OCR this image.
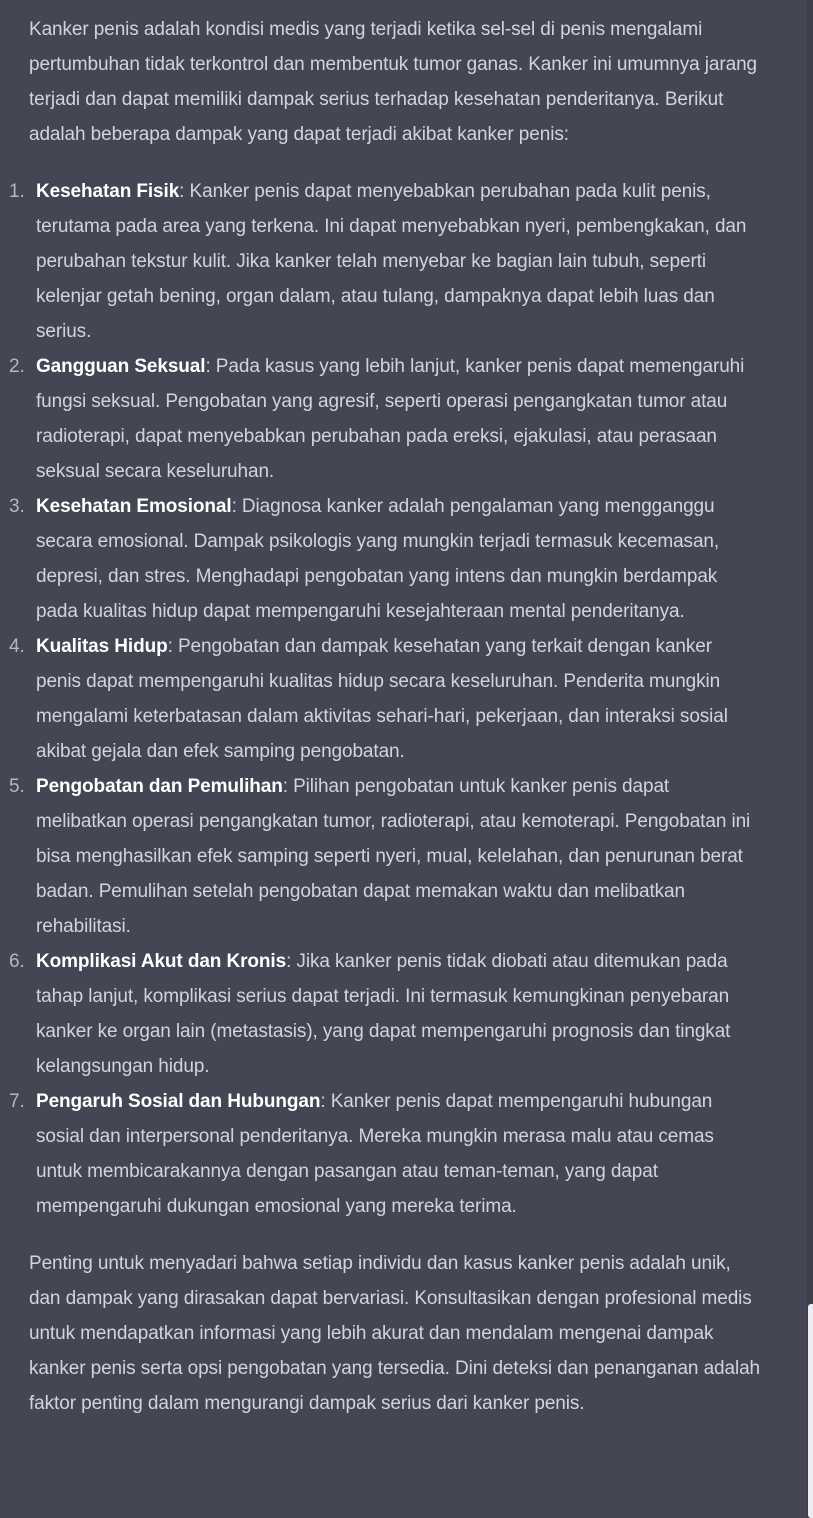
Kanker penis adalah kondisi medis yang terjadi ketika sel-sel di penis mengalami pertumbuhan tidak terkontrol dan membentuk tumor ganas. Kanker ini umumnya jarang terjadi dan dapat memiliki dampak serius terhadap kesehatan penderitanya. Berikut adalah beberapa dampak yang dapat terjadi akibat kanker penis:

1. Kesehatan Fisik: Kanker penis dapat menyebabkan perubahan pada kulit penis, terutama pada area yang terkena. Ini dapat menyebabkan nyeri, pembengkakan, dan perubahan tekstur kulit. Jika kanker telah menyebar ke bagian lain tubuh, seperti kelenjar getah bening, organ dalam, atau tulang, dampaknya dapat lebih luas dan serius.
2. Gangguan Seksual: Pada kasus yang lebih lanjut, kanker penis dapat memengaruhi fungsi seksual. Pengobatan yang agresif, seperti operasi pengangkatan tumor atau radioterapi, dapat menyebabkan perubahan pada ereksi, ejakulasi, atau perasaan seksual secara keseluruhan.
3. Kesehatan Emosional: Diagnosa kanker adalah pengalaman yang mengganggu secara emosional. Dampak psikologis yang mungkin terjadi termasuk kecemasan, depresi, dan stres. Menghadapi pengobatan yang intens dan mungkin berdampak pada kualitas hidup dapat mempengaruhi kesejahteraan mental penderitanya.
4. Kualitas Hidup: Pengobatan dan dampak kesehatan yang terkait dengan kanker penis dapat mempengaruhi kualitas hidup secara keseluruhan. Penderita mungkin mengalami keterbatasan dalam aktivitas sehari-hari, pekerjaan, dan interaksi sosial akibat gejala dan efek samping pengobatan.
5. Pengobatan dan Pemulihan: Pilihan pengobatan untuk kanker penis dapat melibatkan operasi pengangkatan tumor, radioterapi, atau kemoterapi. Pengobatan ini bisa menghasilkan efek samping seperti nyeri, mual, kelelahan, dan penurunan berat badan. Pemulihan setelah pengobatan dapat memakan waktu dan melibatkan rehabilitasi.
6. Komplikasi Akut dan Kronis: Jika kanker penis tidak diobati atau ditemukan pada tahap lanjut, komplikasi serius dapat terjadi. Ini termasuk kemungkinan penyebaran kanker ke organ lain (metastasis), yang dapat mempengaruhi prognosis dan tingkat kelangsungan hidup.
7. Pengaruh Sosial dan Hubungan: Kanker penis dapat mempengaruhi hubungan sosial dan interpersonal penderitanya. Mereka mungkin merasa malu atau cemas untuk membicarakannya dengan pasangan atau teman-teman, yang dapat mempengaruhi dukungan emosional yang mereka terima.

Penting untuk menyadari bahwa setiap individu dan kasus kanker penis adalah unik, dan dampak yang dirasakan dapat bervariasi. Konsultasikan dengan profesional medis untuk mendapatkan informasi yang lebih akurat dan mendalam mengenai dampak kanker penis serta opsi pengobatan yang tersedia. Dini deteksi dan penanganan adalah faktor penting dalam mengurangi dampak serius dari kanker penis.
